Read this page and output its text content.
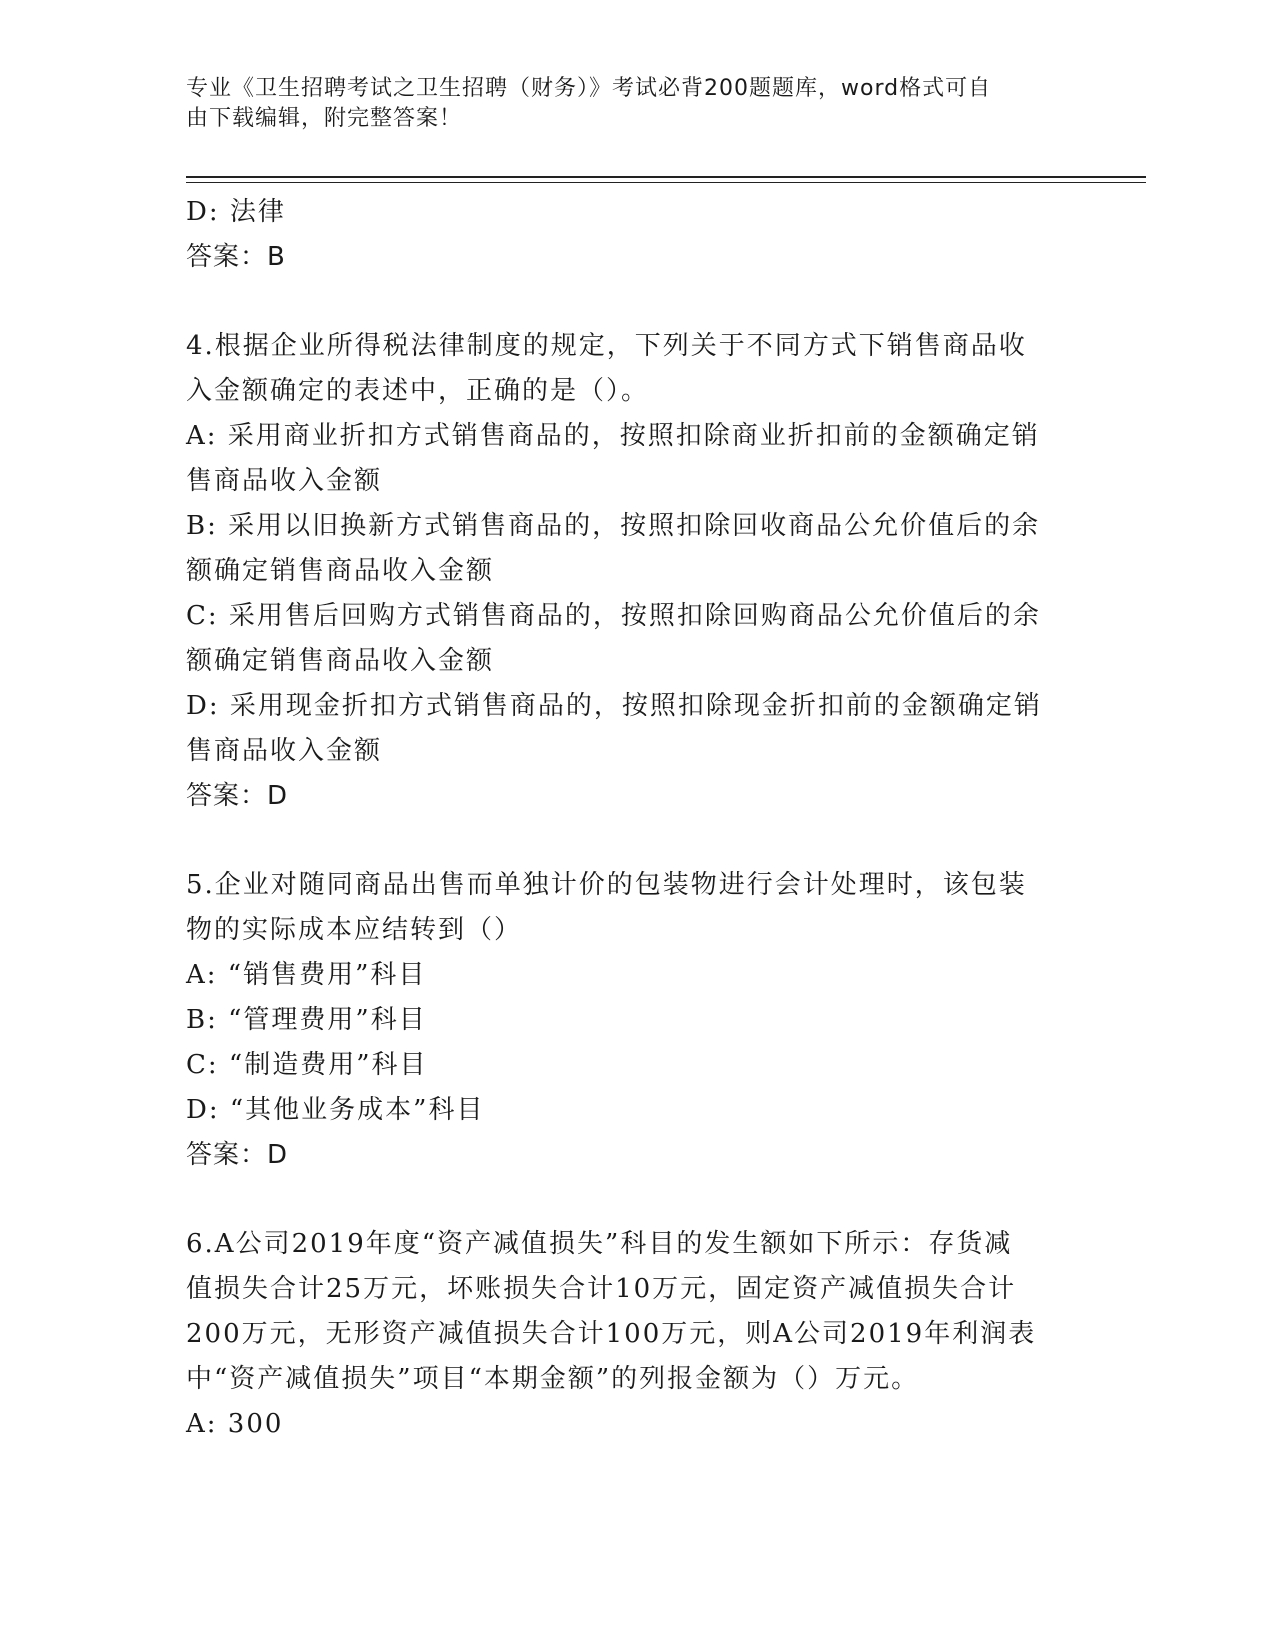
专业《卫生招聘考试之卫生招聘（财务）》考试必背200题题库，word格式可自
由下载编辑，附完整答案！
D: 法律
答案：B
4.根据企业所得税法律制度的规定，下列关于不同方式下销售商品收
入金额确定的表述中，正确的是（）。
A: 采用商业折扣方式销售商品的，按照扣除商业折扣前的金额确定销
售商品收入金额
B: 采用以旧换新方式销售商品的，按照扣除回收商品公允价值后的余
额确定销售商品收入金额
C: 采用售后回购方式销售商品的，按照扣除回购商品公允价值后的余
额确定销售商品收入金额
D: 采用现金折扣方式销售商品的，按照扣除现金折扣前的金额确定销
售商品收入金额
答案：D
5.企业对随同商品出售而单独计价的包装物进行会计处理时，该包装
物的实际成本应结转到（）
A: “销售费用”科目
B: “管理费用”科目
C: “制造费用”科目
D: “其他业务成本”科目
答案：D
6.A公司2019年度“资产减值损失”科目的发生额如下所示：存货减
值损失合计25万元，坏账损失合计10万元，固定资产减值损失合计
200万元，无形资产减值损失合计100万元，则A公司2019年利润表
中“资产减值损失”项目“本期金额”的列报金额为（）万元。
A: 300
